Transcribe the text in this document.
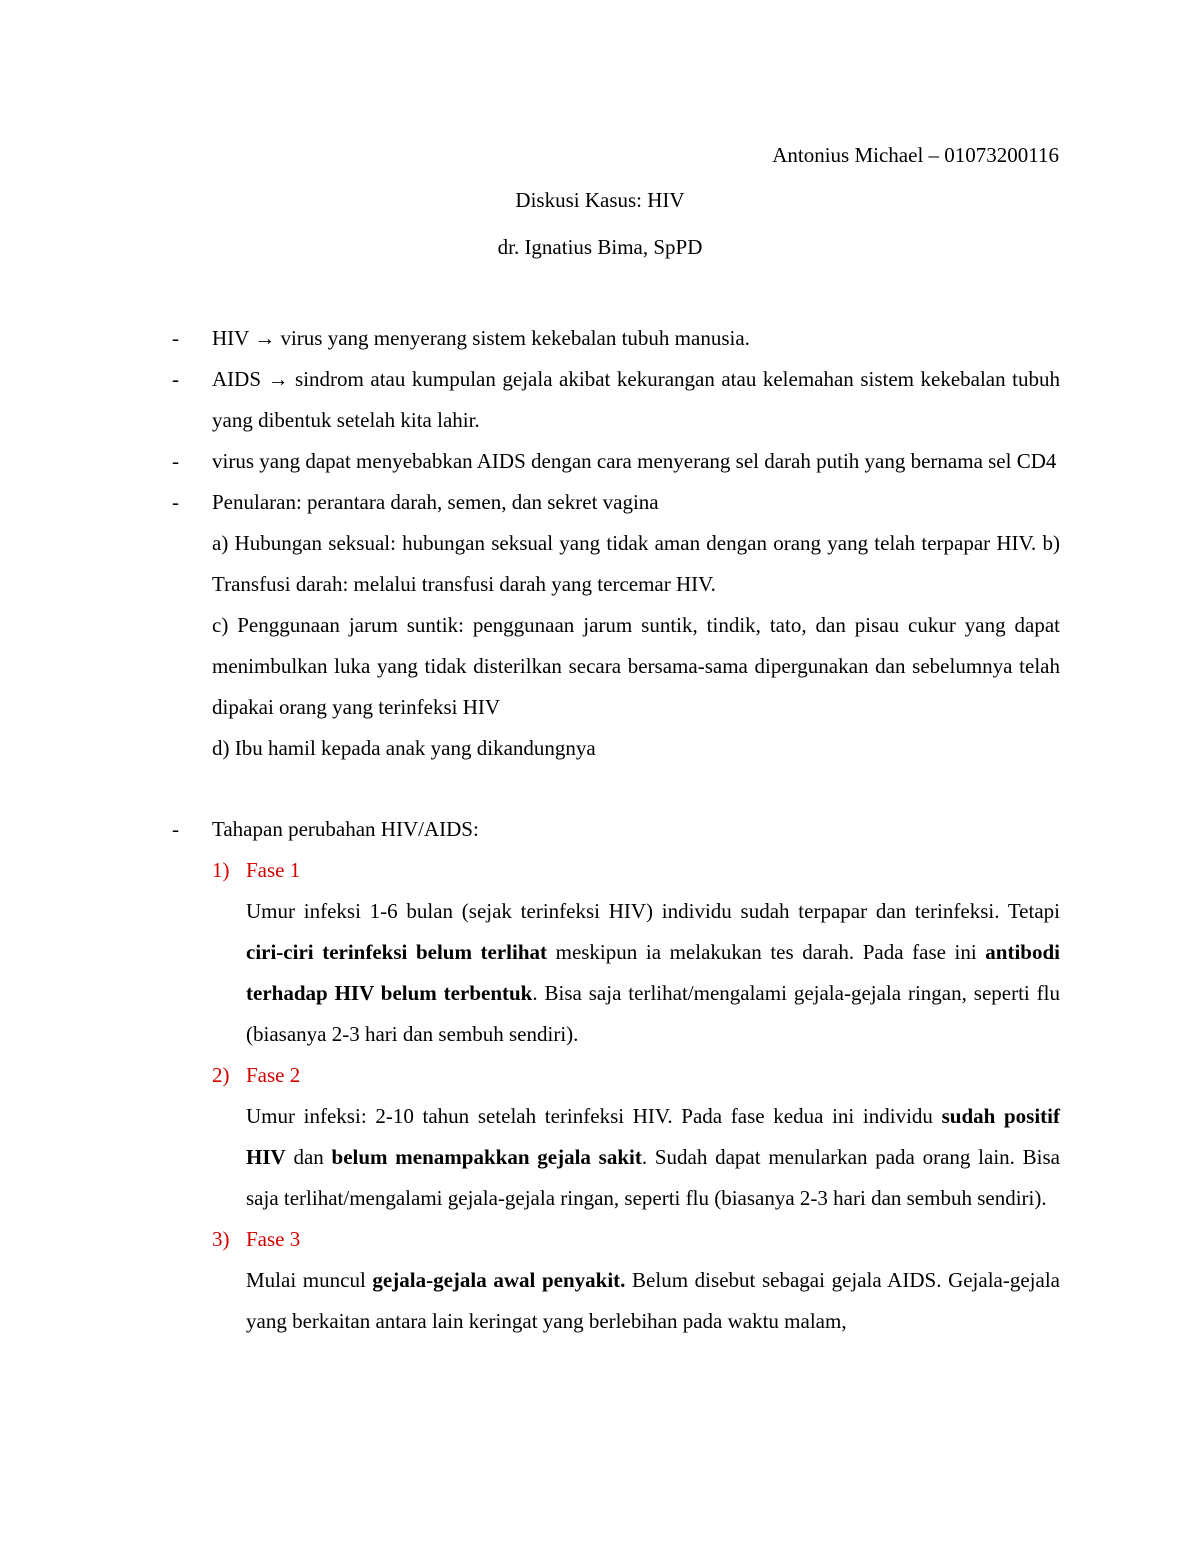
Antonius Michael – 01073200116
Diskusi Kasus: HIV
dr. Ignatius Bima, SpPD
- HIV → virus yang menyerang sistem kekebalan tubuh manusia.
- AIDS → sindrom atau kumpulan gejala akibat kekurangan atau kelemahan sistem kekebalan tubuh yang dibentuk setelah kita lahir.
- virus yang dapat menyebabkan AIDS dengan cara menyerang sel darah putih yang bernama sel CD4
- Penularan: perantara darah, semen, dan sekret vagina
a) Hubungan seksual: hubungan seksual yang tidak aman dengan orang yang telah terpapar HIV. b) Transfusi darah: melalui transfusi darah yang tercemar HIV.
c) Penggunaan jarum suntik: penggunaan jarum suntik, tindik, tato, dan pisau cukur yang dapat menimbulkan luka yang tidak disterilkan secara bersama-sama dipergunakan dan sebelumnya telah dipakai orang yang terinfeksi HIV
d) Ibu hamil kepada anak yang dikandungnya
- Tahapan perubahan HIV/AIDS:
1) Fase 1
Umur infeksi 1-6 bulan (sejak terinfeksi HIV) individu sudah terpapar dan terinfeksi. Tetapi ciri-ciri terinfeksi belum terlihat meskipun ia melakukan tes darah. Pada fase ini antibodi terhadap HIV belum terbentuk. Bisa saja terlihat/mengalami gejala-gejala ringan, seperti flu (biasanya 2-3 hari dan sembuh sendiri).
2) Fase 2
Umur infeksi: 2-10 tahun setelah terinfeksi HIV. Pada fase kedua ini individu sudah positif HIV dan belum menampakkan gejala sakit. Sudah dapat menularkan pada orang lain. Bisa saja terlihat/mengalami gejala-gejala ringan, seperti flu (biasanya 2-3 hari dan sembuh sendiri).
3) Fase 3
Mulai muncul gejala-gejala awal penyakit. Belum disebut sebagai gejala AIDS. Gejala-gejala yang berkaitan antara lain keringat yang berlebihan pada waktu malam,
